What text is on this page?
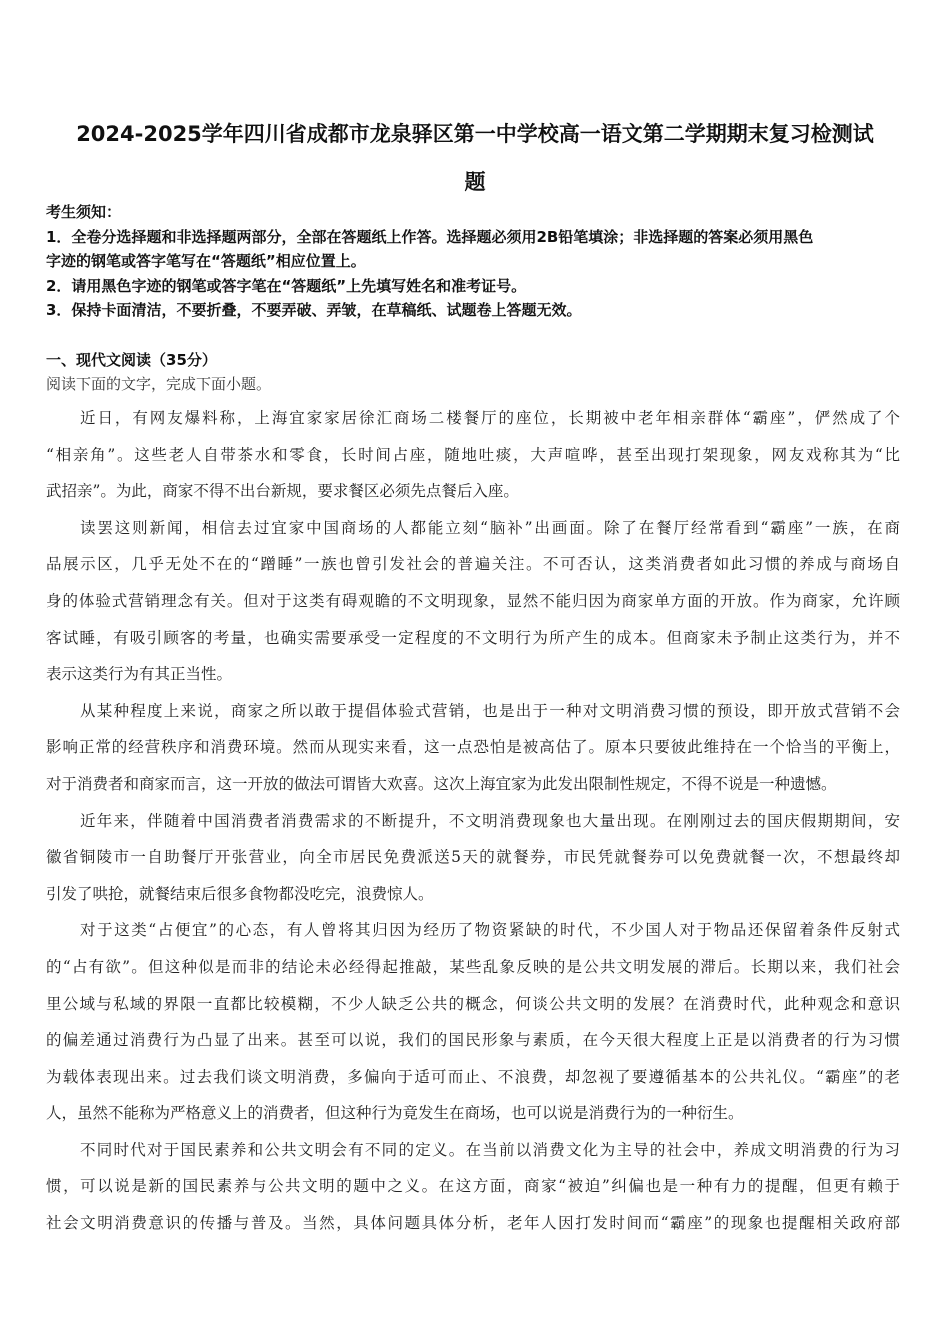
2024-2025学年四川省成都市龙泉驿区第一中学校高一语文第二学期期末复习检测试
题
考生须知：
1．全卷分选择题和非选择题两部分，全部在答题纸上作答。选择题必须用2B铅笔填涂；非选择题的答案必须用黑色
字迹的钢笔或答字笔写在“答题纸”相应位置上。
2．请用黑色字迹的钢笔或答字笔在“答题纸”上先填写姓名和准考证号。
3．保持卡面清洁，不要折叠，不要弄破、弄皱，在草稿纸、试题卷上答题无效。
一、现代文阅读（35分）
阅读下面的文字，完成下面小题。
近日，有网友爆料称，上海宜家家居徐汇商场二楼餐厅的座位，长期被中老年相亲群体“霸座”，俨然成了个
“相亲角”。这些老人自带茶水和零食，长时间占座，随地吐痰，大声喧哗，甚至出现打架现象，网友戏称其为“比
武招亲”。为此，商家不得不出台新规，要求餐区必须先点餐后入座。
读罢这则新闻，相信去过宜家中国商场的人都能立刻“脑补”出画面。除了在餐厅经常看到“霸座”一族，在商
品展示区，几乎无处不在的“蹭睡”一族也曾引发社会的普遍关注。不可否认，这类消费者如此习惯的养成与商场自
身的体验式营销理念有关。但对于这类有碍观瞻的不文明现象，显然不能归因为商家单方面的开放。作为商家，允许顾
客试睡，有吸引顾客的考量，也确实需要承受一定程度的不文明行为所产生的成本。但商家未予制止这类行为，并不
表示这类行为有其正当性。
从某种程度上来说，商家之所以敢于提倡体验式营销，也是出于一种对文明消费习惯的预设，即开放式营销不会
影响正常的经营秩序和消费环境。然而从现实来看，这一点恐怕是被高估了。原本只要彼此维持在一个恰当的平衡上，
对于消费者和商家而言，这一开放的做法可谓皆大欢喜。这次上海宜家为此发出限制性规定，不得不说是一种遗憾。
近年来，伴随着中国消费者消费需求的不断提升，不文明消费现象也大量出现。在刚刚过去的国庆假期期间，安
徽省铜陵市一自助餐厅开张营业，向全市居民免费派送5天的就餐券，市民凭就餐券可以免费就餐一次，不想最终却
引发了哄抢，就餐结束后很多食物都没吃完，浪费惊人。
对于这类“占便宜”的心态，有人曾将其归因为经历了物资紧缺的时代，不少国人对于物品还保留着条件反射式
的“占有欲”。但这种似是而非的结论未必经得起推敲，某些乱象反映的是公共文明发展的滞后。长期以来，我们社会
里公域与私域的界限一直都比较模糊，不少人缺乏公共的概念，何谈公共文明的发展？在消费时代，此种观念和意识
的偏差通过消费行为凸显了出来。甚至可以说，我们的国民形象与素质，在今天很大程度上正是以消费者的行为习惯
为载体表现出来。过去我们谈文明消费，多偏向于适可而止、不浪费，却忽视了要遵循基本的公共礼仪。“霸座”的老
人，虽然不能称为严格意义上的消费者，但这种行为竟发生在商场，也可以说是消费行为的一种衍生。
不同时代对于国民素养和公共文明会有不同的定义。在当前以消费文化为主导的社会中，养成文明消费的行为习
惯，可以说是新的国民素养与公共文明的题中之义。在这方面，商家“被迫”纠偏也是一种有力的提醒，但更有赖于
社会文明消费意识的传播与普及。当然，具体问题具体分析，老年人因打发时间而“霸座”的现象也提醒相关政府部
